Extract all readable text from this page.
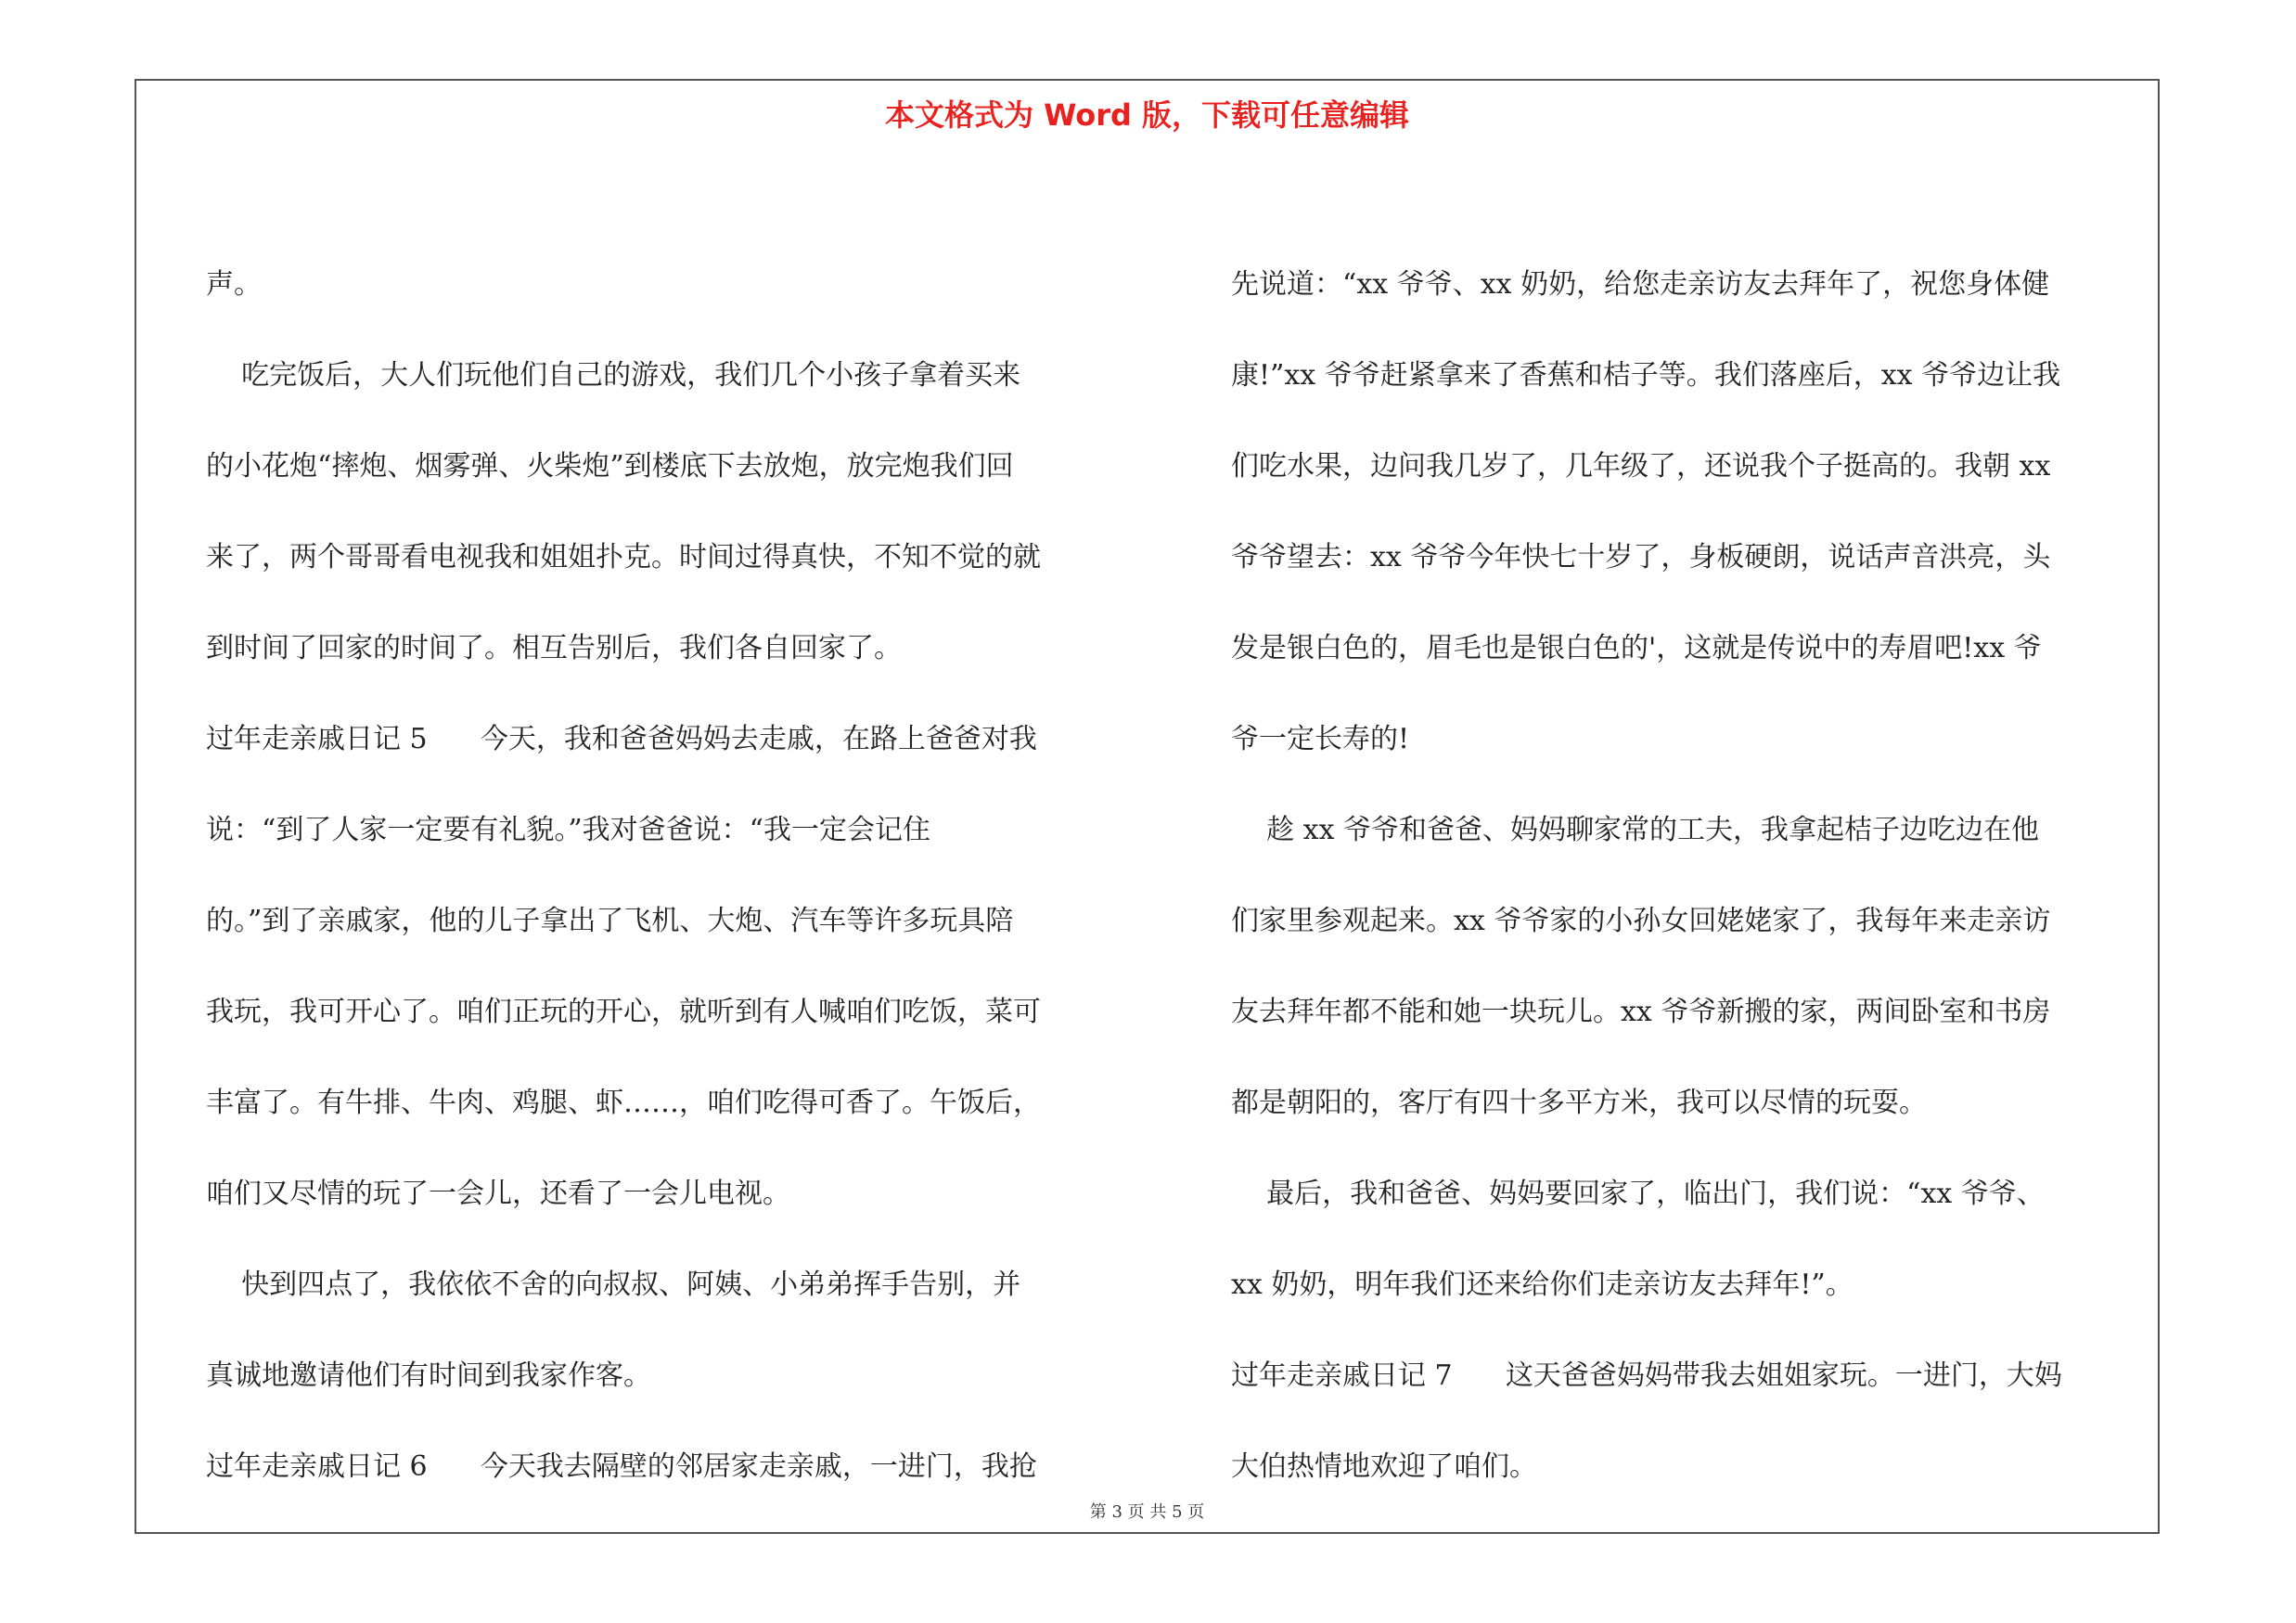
本文格式为 Word 版，下载可任意编辑
声。
吃完饭后，大人们玩他们自己的游戏，我们几个小孩子拿着买来
的小花炮“摔炮、烟雾弹、火柴炮”到楼底下去放炮，放完炮我们回
来了，两个哥哥看电视我和姐姐扑克。时间过得真快，不知不觉的就
到时间了回家的时间了。相互告别后，我们各自回家了。
过年走亲戚日记 5      今天，我和爸爸妈妈去走戚，在路上爸爸对我
说：“到了人家一定要有礼貌。”我对爸爸说：“我一定会记住
的。”到了亲戚家，他的儿子拿出了飞机、大炮、汽车等许多玩具陪
我玩，我可开心了。咱们正玩的开心，就听到有人喊咱们吃饭，菜可
丰富了。有牛排、牛肉、鸡腿、虾……，咱们吃得可香了。午饭后，
咱们又尽情的玩了一会儿，还看了一会儿电视。
快到四点了，我依依不舍的向叔叔、阿姨、小弟弟挥手告别，并
真诚地邀请他们有时间到我家作客。
过年走亲戚日记 6      今天我去隔壁的邻居家走亲戚，一进门，我抢
先说道：“xx 爷爷、xx 奶奶，给您走亲访友去拜年了，祝您身体健
康!”xx 爷爷赶紧拿来了香蕉和桔子等。我们落座后，xx 爷爷边让我
们吃水果，边问我几岁了，几年级了，还说我个子挺高的。我朝 xx
爷爷望去：xx 爷爷今年快七十岁了，身板硬朗，说话声音洪亮，头
发是银白色的，眉毛也是银白色的'，这就是传说中的寿眉吧!xx 爷
爷一定长寿的!
趁 xx 爷爷和爸爸、妈妈聊家常的工夫，我拿起桔子边吃边在他
们家里参观起来。xx 爷爷家的小孙女回姥姥家了，我每年来走亲访
友去拜年都不能和她一块玩儿。xx 爷爷新搬的家，两间卧室和书房
都是朝阳的，客厅有四十多平方米，我可以尽情的玩耍。
最后，我和爸爸、妈妈要回家了，临出门，我们说：“xx 爷爷、
xx 奶奶，明年我们还来给你们走亲访友去拜年!”。
过年走亲戚日记 7      这天爸爸妈妈带我去姐姐家玩。一进门，大妈
大伯热情地欢迎了咱们。
第 3 页 共 5 页
